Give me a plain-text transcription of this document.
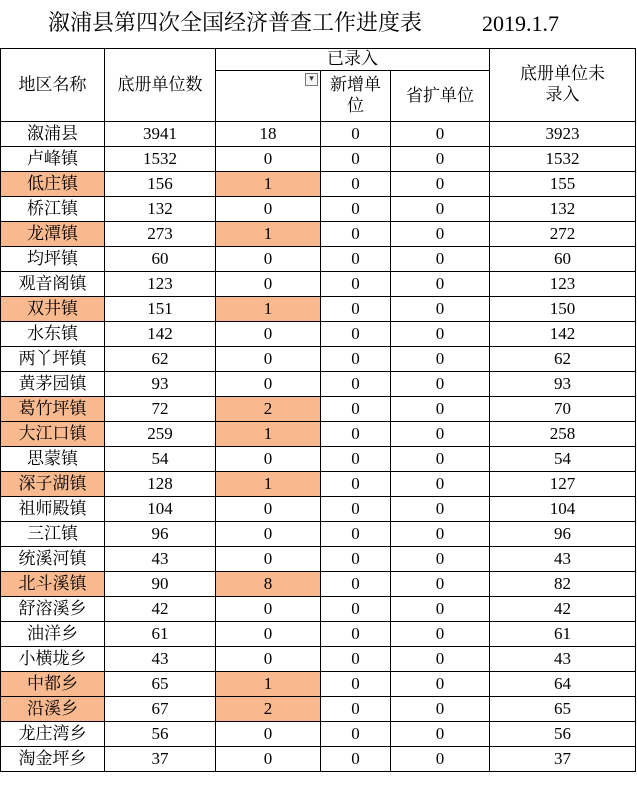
溆浦县第四次全国经济普查工作进度表	2019.1.7
地区名称	底册单位数	已录入			底册单位未录入

		▾	新增单位	省扩单位	

溆浦县	3941	18	0	0	3923
卢峰镇	1532	0	0	0	1532
低庄镇	156	1	0	0	155
桥江镇	132	0	0	0	132
龙潭镇	273	1	0	0	272
均坪镇	60	0	0	0	60
观音阁镇	123	0	0	0	123
双井镇	151	1	0	0	150
水东镇	142	0	0	0	142
两丫坪镇	62	0	0	0	62
黄茅园镇	93	0	0	0	93
葛竹坪镇	72	2	0	0	70
大江口镇	259	1	0	0	258
思蒙镇	54	0	0	0	54
深子湖镇	128	1	0	0	127
祖师殿镇	104	0	0	0	104
三江镇	96	0	0	0	96
统溪河镇	43	0	0	0	43
北斗溪镇	90	8	0	0	82
舒溶溪乡	42	0	0	0	42
油洋乡	61	0	0	0	61
小横垅乡	43	0	0	0	43
中都乡	65	1	0	0	64
沿溪乡	67	2	0	0	65
龙庄湾乡	56	0	0	0	56
淘金坪乡	37	0	0	0	37
